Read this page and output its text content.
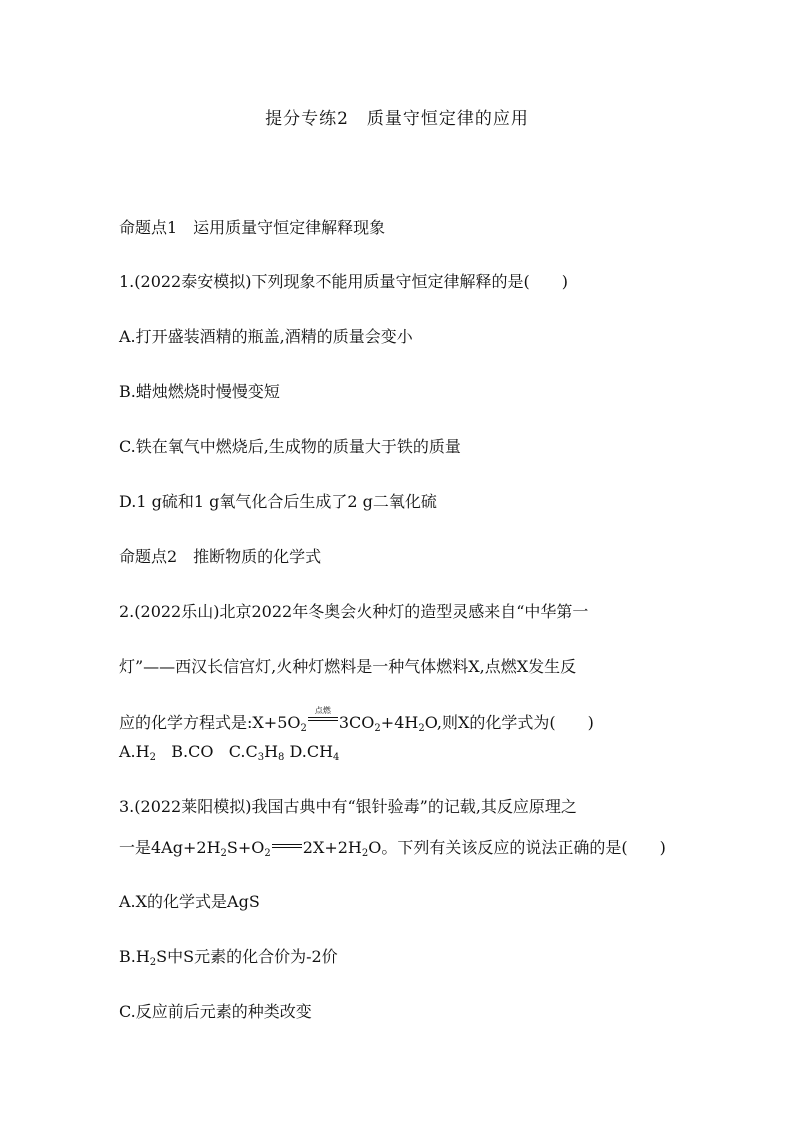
提分专练2　质量守恒定律的应用
命题点1　运用质量守恒定律解释现象
1.(2022泰安模拟)下列现象不能用质量守恒定律解释的是(　　)
A.打开盛装酒精的瓶盖,酒精的质量会变小
B.蜡烛燃烧时慢慢变短
C.铁在氧气中燃烧后,生成物的质量大于铁的质量
D.1 g硫和1 g氧气化合后生成了2 g二氧化硫
命题点2　推断物质的化学式
2.(2022乐山)北京2022年冬奥会火种灯的造型灵感来自“中华第一
灯”——西汉长信宫灯,火种灯燃料是一种气体燃料X,点燃X发生反
应的化学方程式是$:X+5O_2$
点燃
$3CO_2+4H_2O$,则X的化学式为(　　)
$A.H_2$ B.CO $C.C_3H_8$ $D.CH_4$
3.(2022莱阳模拟)我国古典中有“银针验毒”的记载,其反应原理之
一是$4Ag+2H_2S+O_2$ $2X+2H_2O$。下列有关该反应的说法正确的是(　　)
A.X的化学式是AgS
$B.H_2S$中S元素的化合价为-2价
C.反应前后元素的种类改变
